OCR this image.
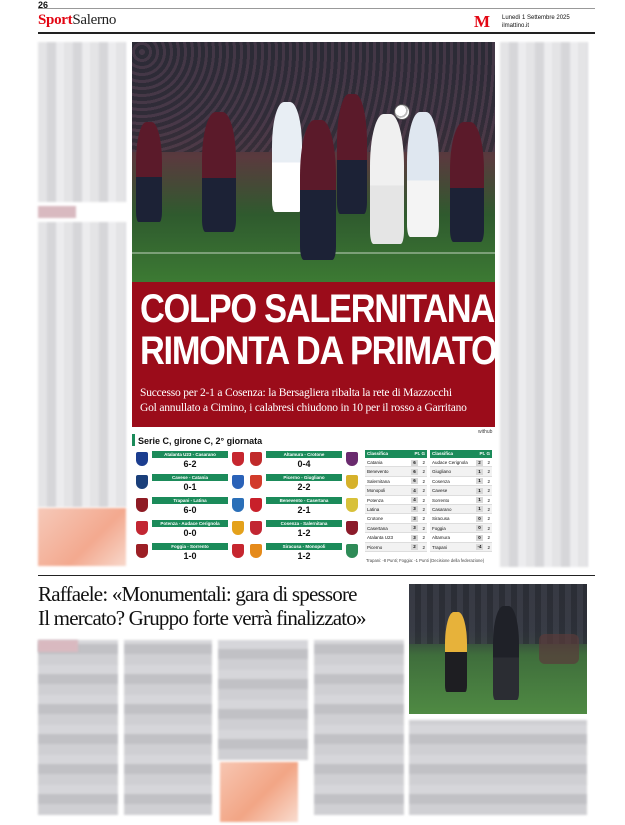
26
SportSalerno	M Lunedì 1 Settembre 2025
ilmattino.it
COLPO SALERNITANA
RIMONTA DA PRIMATO
Successo per 2-1 a Cosenza: la Bersagliera ribalta la rete di Mazzocchi
Gol annullato a Cimino, i calabresi chiudono in 10 per il rosso a Garritano
withub
Serie C, girone C, 2° giornata
Atalanta U23 - Casarano
6-2
Cavese - Catania
0-1
Trapani - Latina
6-0
Potenza - Audace Cerignola
0-0
Foggia - Sorrento
1-0
Altamura - Crotone
0-4
Picerno - Giugliano
2-2
Benevento - Casertana
2-1
Cosenza - Salernitana
1-2
Siracusa - Monopoli
1-2
Classifica	Pt. G
Catania	6	2
Benevento	6	2
Salernitana	6	2
Monopoli	4	2
Potenza	4	2
Latina	3	2
Crotone	3	2
Casertana	3	2
Atalanta U23	3	2
Picerno	2	2
Classifica	Pt. G
Audace Cerignola	2	2
Giugliano	1	2
Cosenza	1	2
Cavese	1	2
Sorrento	1	2
Casarano	1	2
Siracusa	0	2
Foggia	0	2
Altamura	0	2
Trapani	-4	2
Trapani: -8 Punti; Foggia: -1 Punti (Decisione della federazione)
Raffaele: «Monumentali: gara di spessore
Il mercato? Gruppo forte verrà finalizzato»
